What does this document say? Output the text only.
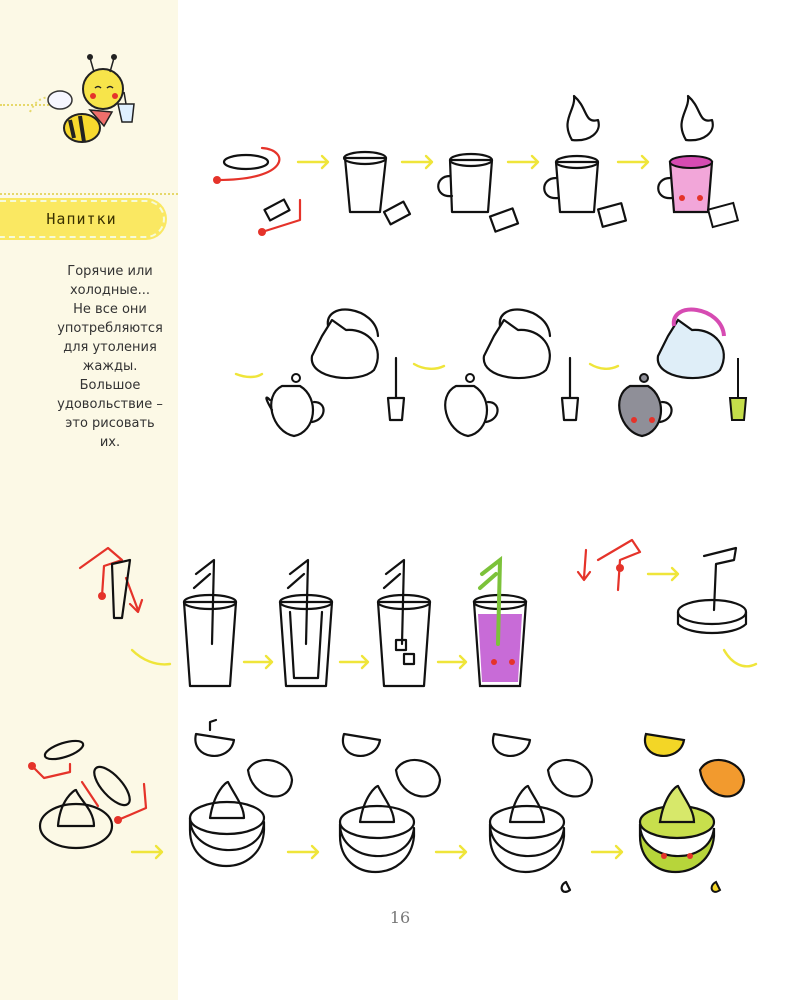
Напитки
Горячие или
холодные...
Не все они
употребляются
для утоления
жажды.
Большое
удовольствие –
это рисовать
их.
16
